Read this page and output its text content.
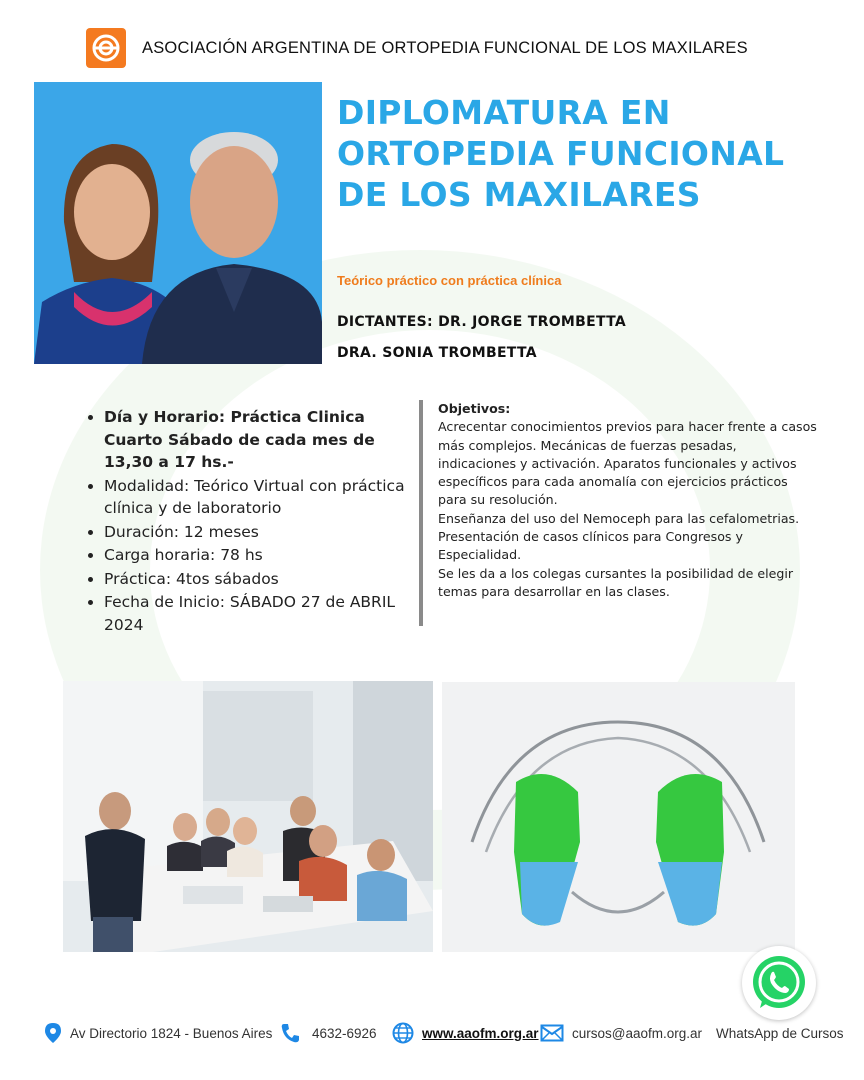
ASOCIACIÓN ARGENTINA DE ORTOPEDIA FUNCIONAL DE LOS MAXILARES
DIPLOMATURA EN
ORTOPEDIA FUNCIONAL
DE LOS MAXILARES
Teórico práctico con práctica clínica
DICTANTES: DR. JORGE TROMBETTA
DRA. SONIA TROMBETTA
• Día y Horario: Práctica Clinica Cuarto Sábado de cada mes de 13,30 a 17 hs.-
• Modalidad: Teórico Virtual con práctica clínica y de laboratorio
• Duración: 12 meses
• Carga horaria: 78 hs
• Práctica: 4tos sábados
• Fecha de Inicio: SÁBADO 27 de ABRIL 2024

Objetivos:

Acrecentar conocimientos previos para hacer frente a casos más complejos. Mecánicas de fuerzas pesadas, indicaciones y activación. Aparatos funcionales y activos específicos para cada anomalía con ejercicios prácticos para su resolución.

Enseñanza del uso del Nemoceph para las cefalometrias.

Presentación de casos clínicos para Congresos y Especialidad.

Se les da a los colegas cursantes la posibilidad de elegir temas para desarrollar en las clases.

Av Directorio 1824 - Buenos Aires	4632-6926	www.aaofm.org.ar cursos@aaofm.org.ar WhatsApp de Cursos
